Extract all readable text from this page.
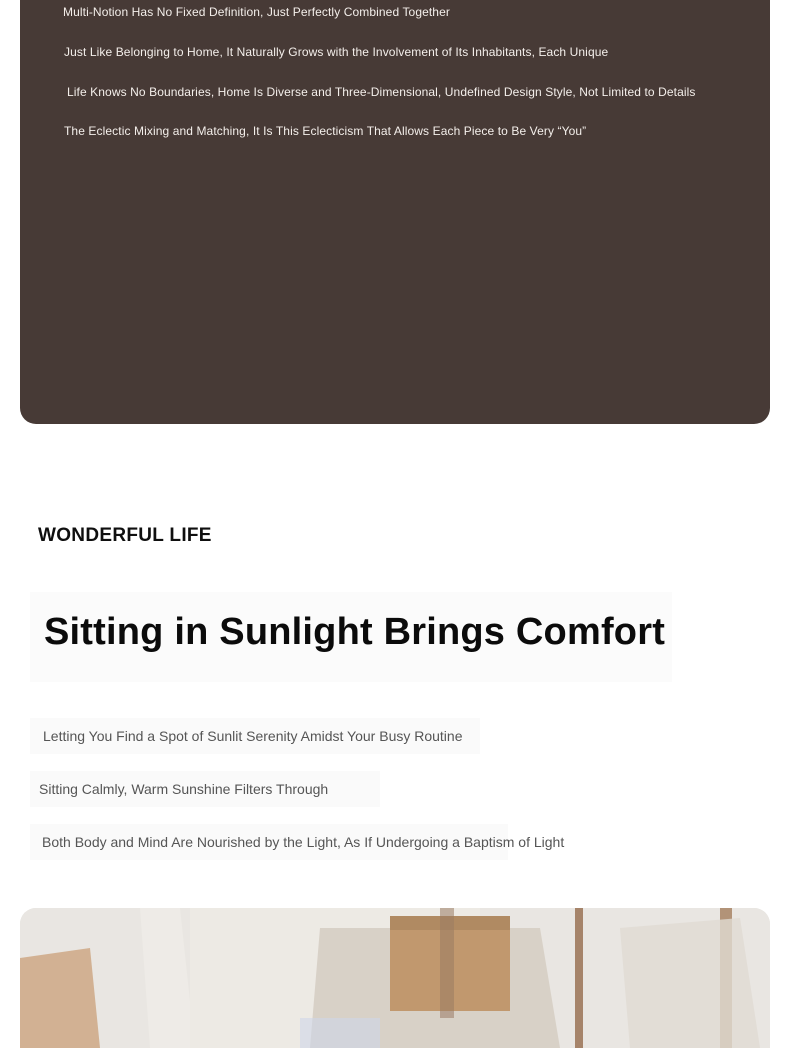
Multi-Notion Has No Fixed Definition, Just Perfectly Combined Together
Just Like Belonging to Home, It Naturally Grows with the Involvement of Its Inhabitants, Each Unique
Life Knows No Boundaries, Home Is Diverse and Three-Dimensional, Undefined Design Style, Not Limited to Details
The Eclectic Mixing and Matching, It Is This Eclecticism That Allows Each Piece to Be Very “You”
WONDERFUL LIFE
Sitting in Sunlight Brings Comfort
Letting You Find a Spot of Sunlit Serenity Amidst Your Busy Routine
Sitting Calmly, Warm Sunshine Filters Through
Both Body and Mind Are Nourished by the Light, As If Undergoing a Baptism of Light
